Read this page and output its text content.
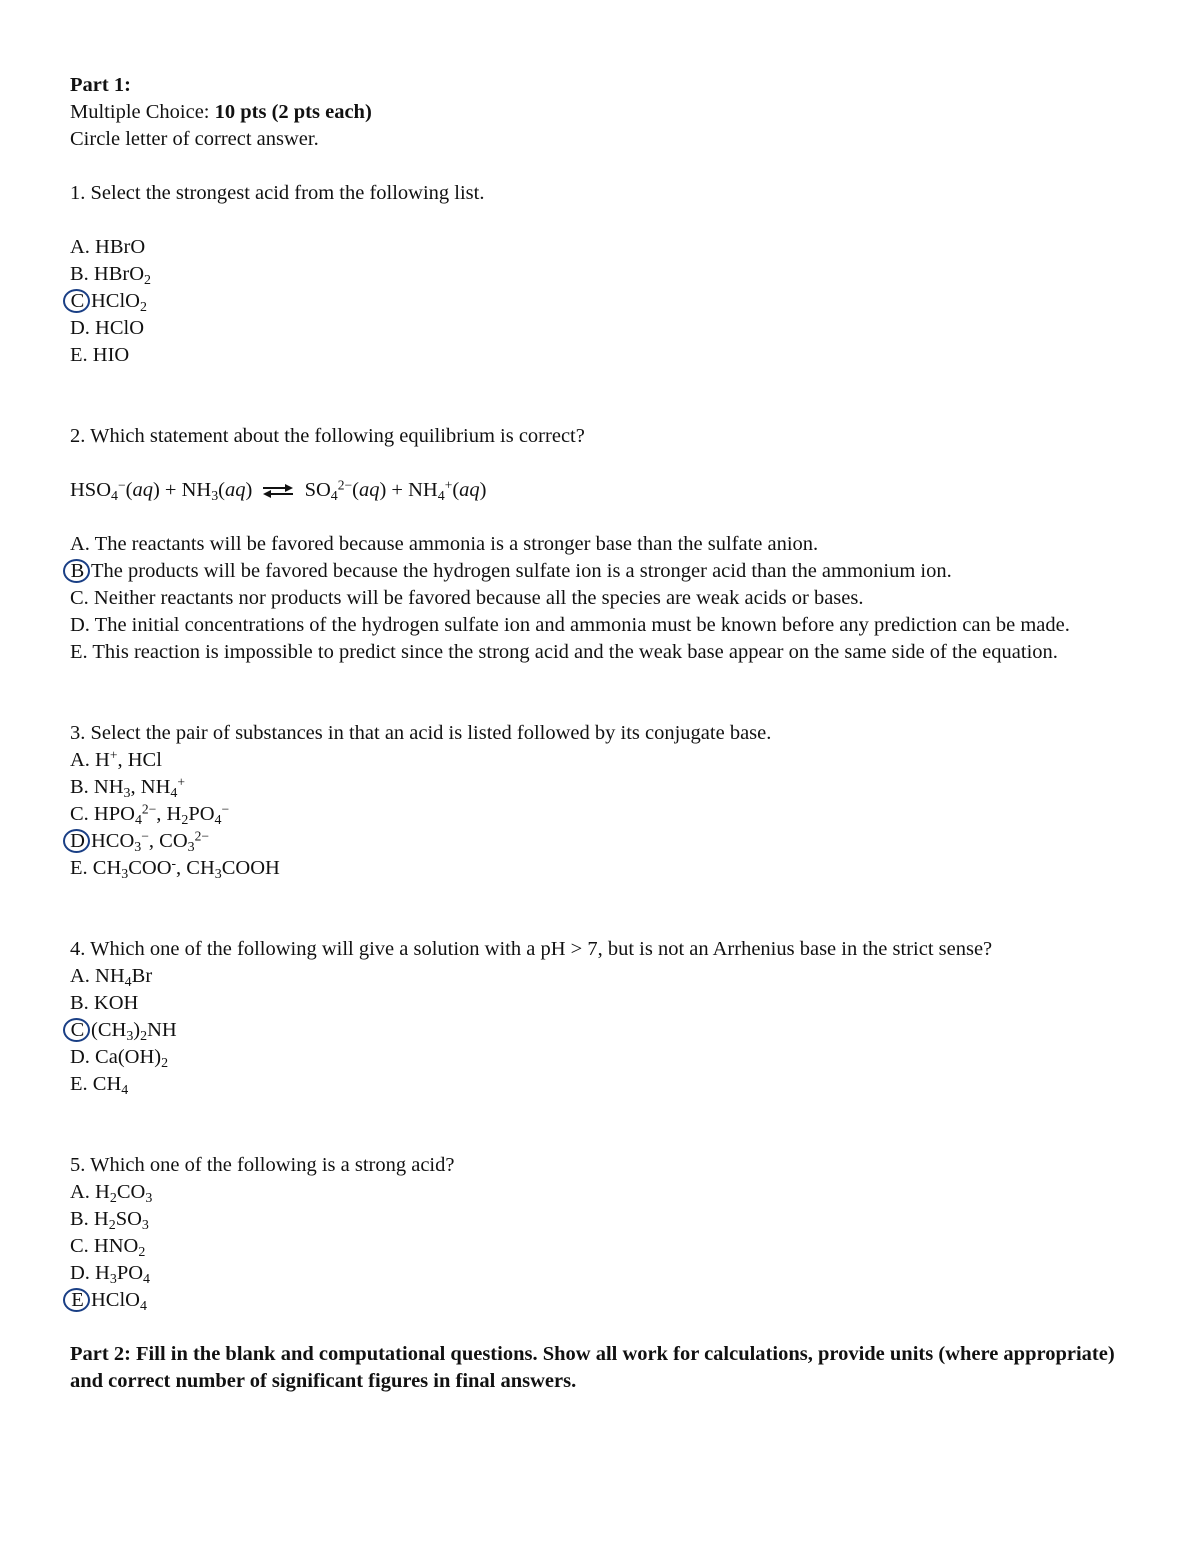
Part 1:
Multiple Choice: 10 pts (2 pts each)
Circle letter of correct answer.
1. Select the strongest acid from the following list.
A. HBrO
B. HBrO$_2$
C HClO$_2$
D. HClO
E. HIO
2. Which statement about the following equilibrium is correct?
$HSO_4^-(aq) + NH_3(aq)$ ⇌ $SO_4^{2-}(aq) + NH_4^+(aq)$
A. The reactants will be favored because ammonia is a stronger base than the sulfate anion.
B The products will be favored because the hydrogen sulfate ion is a stronger acid than the ammonium ion.
C. Neither reactants nor products will be favored because all the species are weak acids or bases.
D. The initial concentrations of the hydrogen sulfate ion and ammonia must be known before any prediction can be made.
E. This reaction is impossible to predict since the strong acid and the weak base appear on the same side of the equation.
3. Select the pair of substances in that an acid is listed followed by its conjugate base.
A. H+, HCl
B. $NH_3$, $NH_4^+$
C. $HPO_4^{2-}$, $H_2PO_4^-$
D $HCO_3^-$, $CO_3^{2-}$
E. $CH_3COO^-$, $CH_3COOH$
4. Which one of the following will give a solution with a pH > 7, but is not an Arrhenius base in the strict sense?
A. $NH_4Br$
B. KOH
C $(CH_3)_2NH$
D. $Ca(OH)_2$
E. $CH_4$
5. Which one of the following is a strong acid?
A. $H_2CO_3$
B. $H_2SO_3$
C. $HNO_2$
D. $H_3PO_4$
E HClO$_4$
Part 2: Fill in the blank and computational questions. Show all work for calculations, provide units (where appropriate) and correct number of significant figures in final answers.
